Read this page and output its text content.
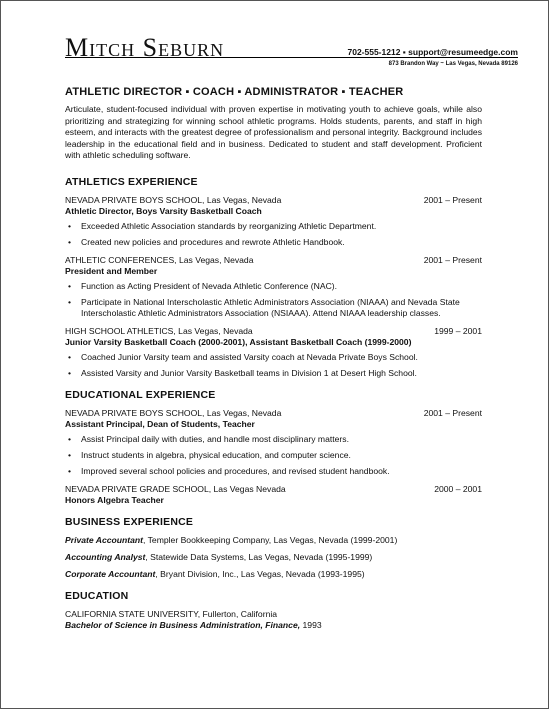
Mitch Seburn	702-555-1212 ▪ support@resumeedge.com
873 Brandon Way ~ Las Vegas, Nevada 89126
ATHLETIC DIRECTOR ▪ COACH ▪ ADMINISTRATOR ▪ TEACHER

Articulate, student-focused individual with proven expertise in motivating youth to achieve goals, while also prioritizing and strategizing for winning school athletic programs. Holds students, parents, and staff in high esteem, and interacts with the greatest degree of professionalism and personal integrity. Background includes leadership in the educational field and in business. Dedicated to student and staff development. Proficient with athletic scheduling software.

ATHLETICS EXPERIENCE
NEVADA PRIVATE BOYS SCHOOL, Las Vegas, Nevada	2001 – Present
Athletic Director, Boys Varsity Basketball Coach
• Exceeded Athletic Association standards by reorganizing Athletic Department.
• Created new policies and procedures and rewrote Athletic Handbook.
ATHLETIC CONFERENCES, Las Vegas, Nevada	2001 – Present
President and Member
• Function as Acting President of Nevada Athletic Conference (NAC).
• Participate in National Interscholastic Athletic Administrators Association (NIAAA) and Nevada State Interscholastic Athletic Administrators Association (NSIAAA). Attend NIAAA leadership classes.
HIGH SCHOOL ATHLETICS, Las Vegas, Nevada	1999 – 2001
Junior Varsity Basketball Coach (2000-2001), Assistant Basketball Coach (1999-2000)
• Coached Junior Varsity team and assisted Varsity coach at Nevada Private Boys School.
• Assisted Varsity and Junior Varsity Basketball teams in Division 1 at Desert High School.
EDUCATIONAL EXPERIENCE
NEVADA PRIVATE BOYS SCHOOL, Las Vegas, Nevada	2001 – Present
Assistant Principal, Dean of Students, Teacher
• Assist Principal daily with duties, and handle most disciplinary matters.
• Instruct students in algebra, physical education, and computer science.
• Improved several school policies and procedures, and revised student handbook.
NEVADA PRIVATE GRADE SCHOOL, Las Vegas Nevada	2000 – 2001
Honors Algebra Teacher
BUSINESS EXPERIENCE
Private Accountant, Templer Bookkeeping Company, Las Vegas, Nevada (1999-2001)
Accounting Analyst, Statewide Data Systems, Las Vegas, Nevada (1995-1999)
Corporate Accountant, Bryant Division, Inc., Las Vegas, Nevada (1993-1995)
EDUCATION
CALIFORNIA STATE UNIVERSITY, Fullerton, California
Bachelor of Science in Business Administration, Finance, 1993
